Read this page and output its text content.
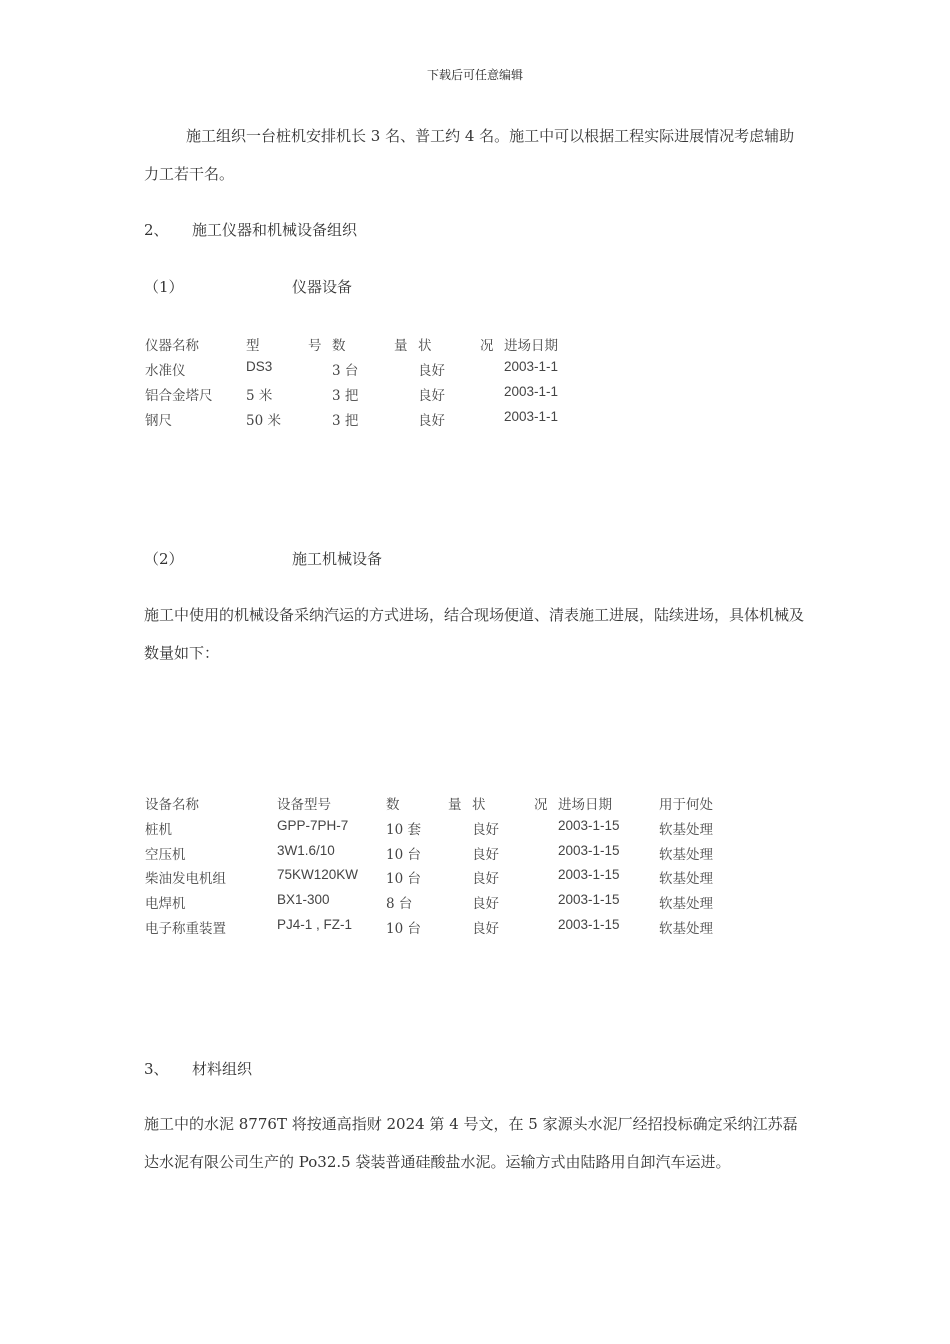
下载后可任意编辑
施工组织一台桩机安排机长 3 名、普工约 4 名。施工中可以根据工程实际进展情况考虑辅助力工若干名。
2、 施工仪器和机械设备组织
（1）	仪器设备
仪器名称	型	号 数	量 状	况 进场日期
水准仪	DS3	3 台	良好	2003-1-1
铝合金塔尺 5 米	3 把	良好	2003-1-1
钢尺	50 米	3 把	良好	2003-1-1
（2）	施工机械设备
施工中使用的机械设备采纳汽运的方式进场，结合现场便道、清表施工进展，陆续进场，具体机械及数量如下：
设备名称	设备型号	数	量 状	况 进场日期	用于何处
桩机	GPP-7PH-7	10 套	良好	2003-1-15	软基处理
空压机	3W1.6/10	10 台	良好	2003-1-15	软基处理
柴油发电机组	75KW120KW 10 台	良好	2003-1-15	软基处理
电焊机	BX1-300	8 台	良好	2003-1-15	软基处理
电子称重装置	PJ4-1 , FZ-1	10 台	良好	2003-1-15	软基处理
3、 材料组织
施工中的水泥 8776T 将按通高指财 2024 第 4 号文，在 5 家源头水泥厂经招投标确定采纳江苏磊达水泥有限公司生产的 Po32.5 袋装普通硅酸盐水泥。运输方式由陆路用自卸汽车运进。
